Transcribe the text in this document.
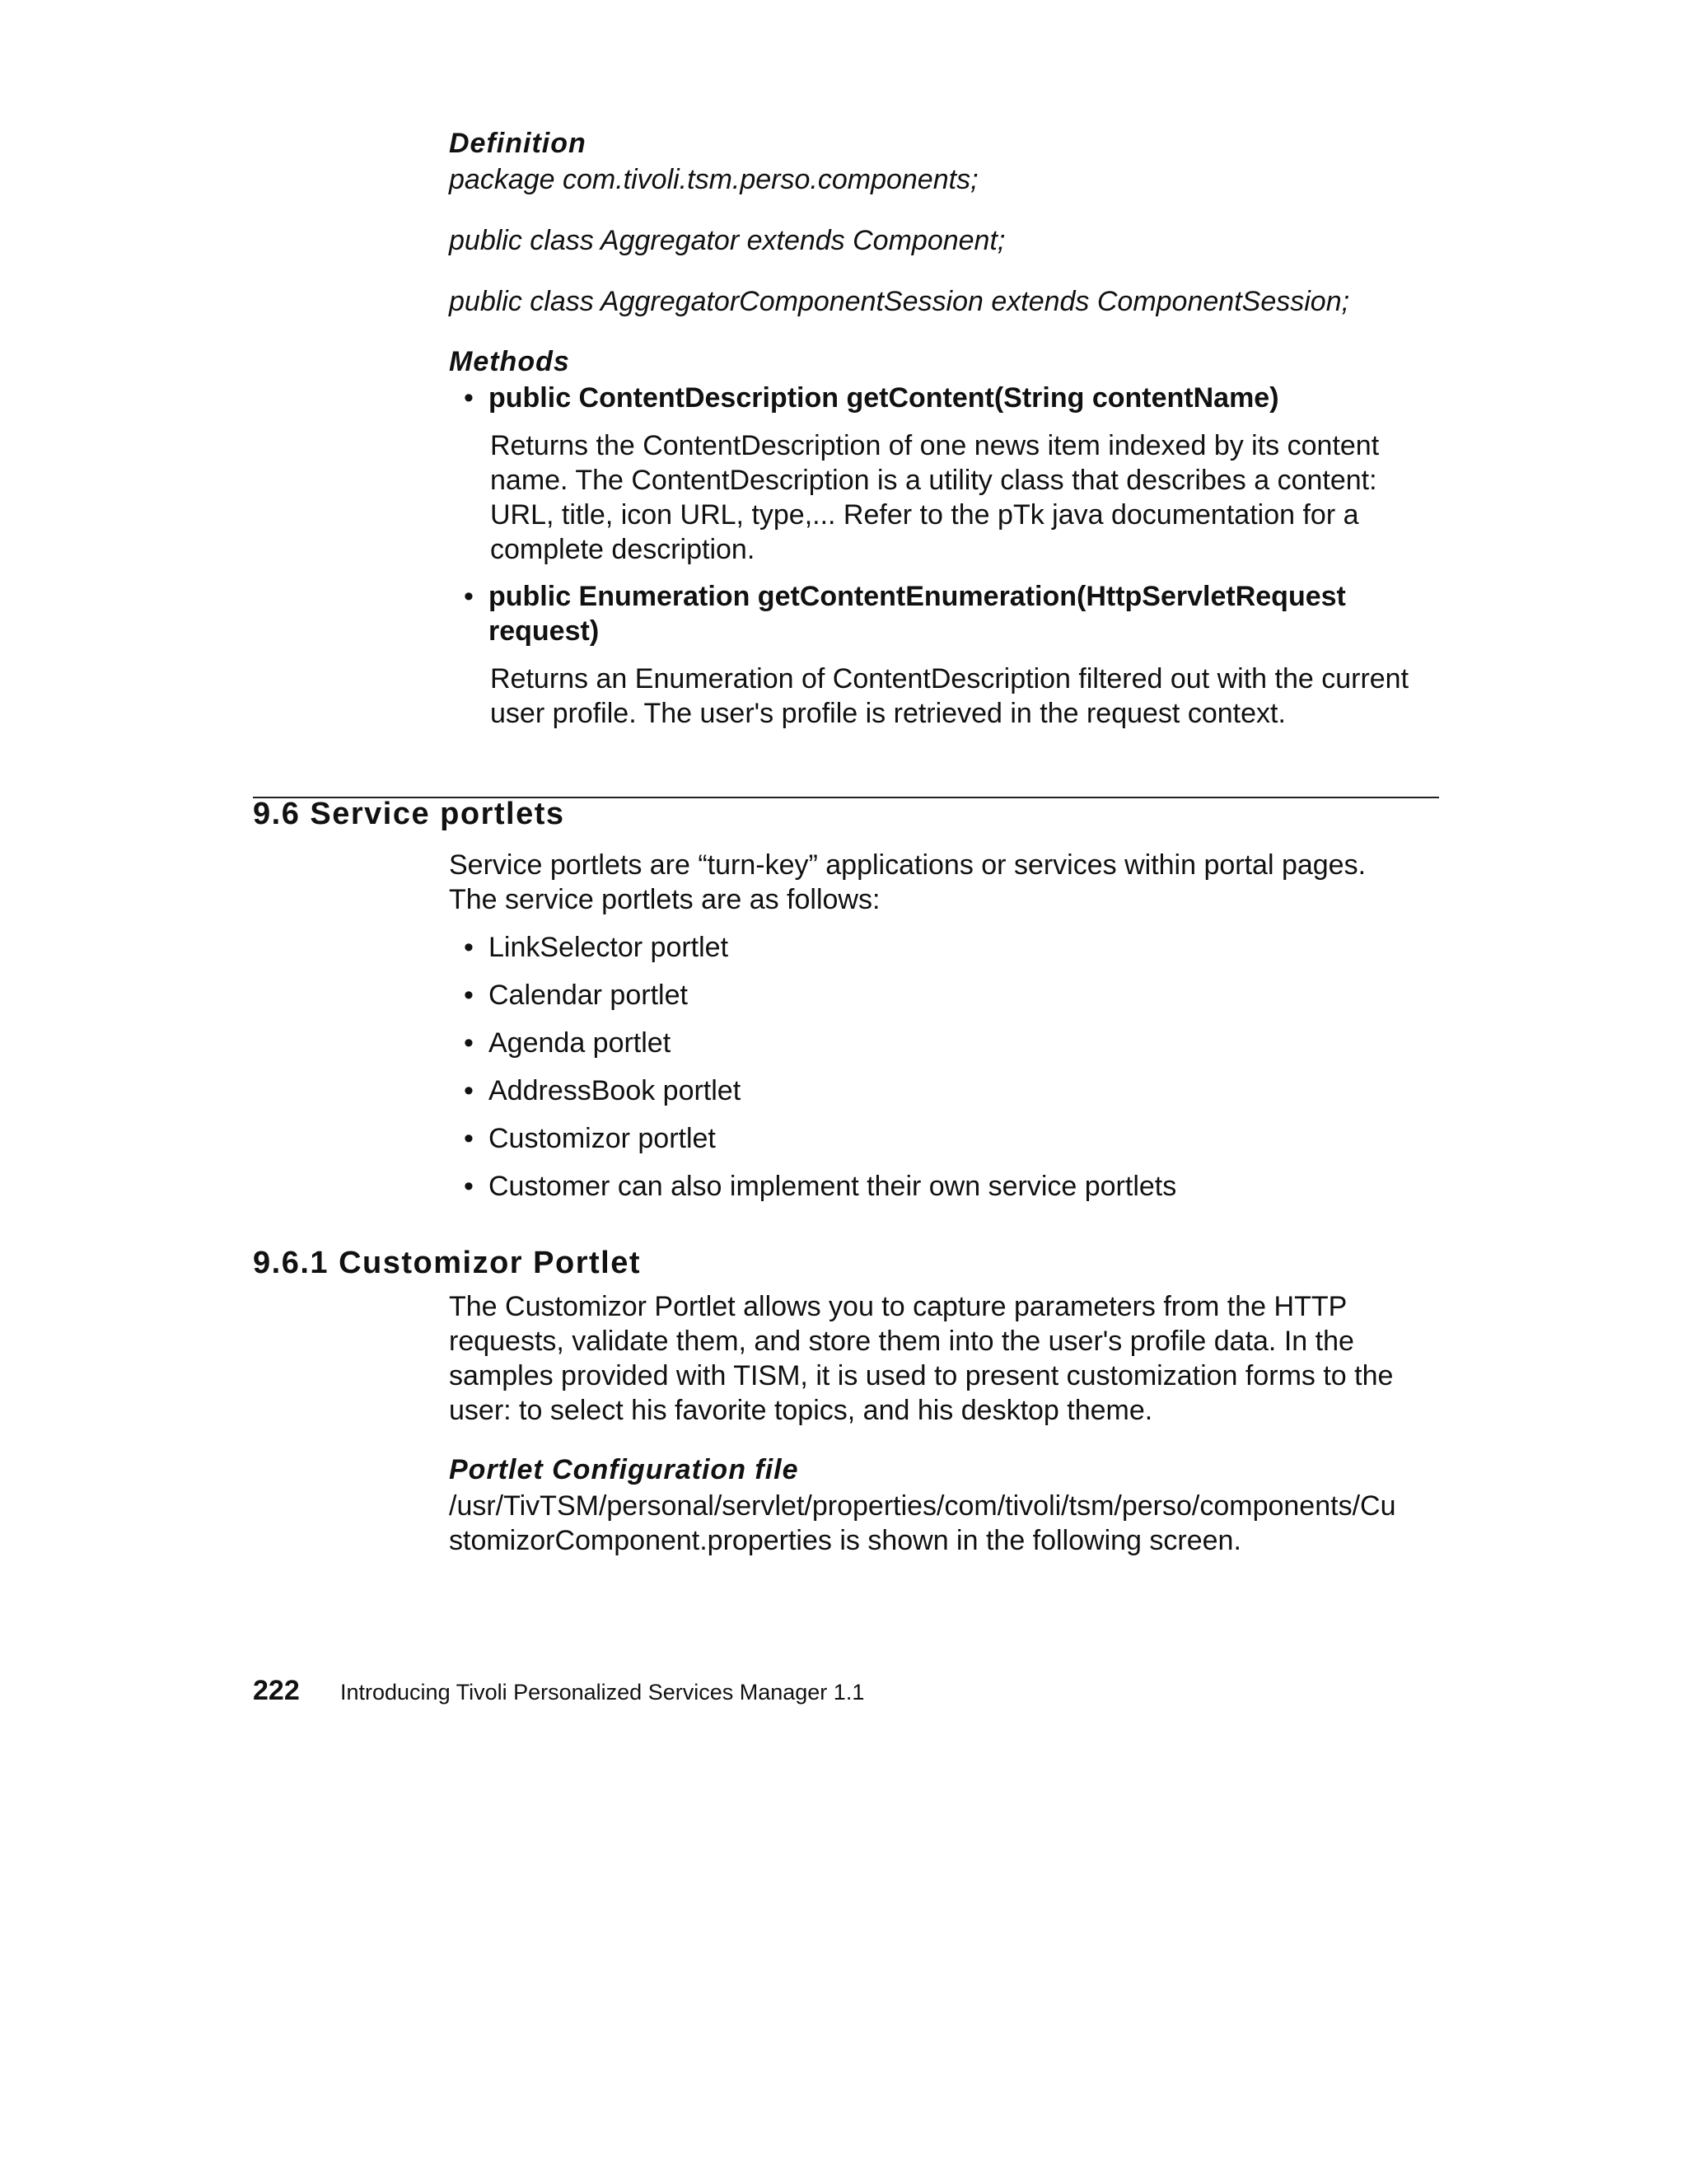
Definition
package com.tivoli.tsm.perso.components;
public class Aggregator extends Component;
public class AggregatorComponentSession extends ComponentSession;
Methods
• public ContentDescription getContent(String contentName)
Returns the ContentDescription of one news item indexed by its content
name. The ContentDescription is a utility class that describes a content:
URL, title, icon URL, type,... Refer to the pTk java documentation for a
complete description.
• public Enumeration getContentEnumeration(HttpServletRequest
request)
Returns an Enumeration of ContentDescription filtered out with the current
user profile. The user's profile is retrieved in the request context.
9.6 Service portlets
Service portlets are “turn-key” applications or services within portal pages.
The service portlets are as follows:
• LinkSelector portlet
• Calendar portlet
• Agenda portlet
• AddressBook portlet
• Customizor portlet
• Customer can also implement their own service portlets
9.6.1 Customizor Portlet
The Customizor Portlet allows you to capture parameters from the HTTP
requests, validate them, and store them into the user's profile data. In the
samples provided with TISM, it is used to present customization forms to the
user: to select his favorite topics, and his desktop theme.
Portlet Configuration file
/usr/TivTSM/personal/servlet/properties/com/tivoli/tsm/perso/components/Cu
stomizorComponent.properties is shown in the following screen.
222 Introducing Tivoli Personalized Services Manager 1.1
